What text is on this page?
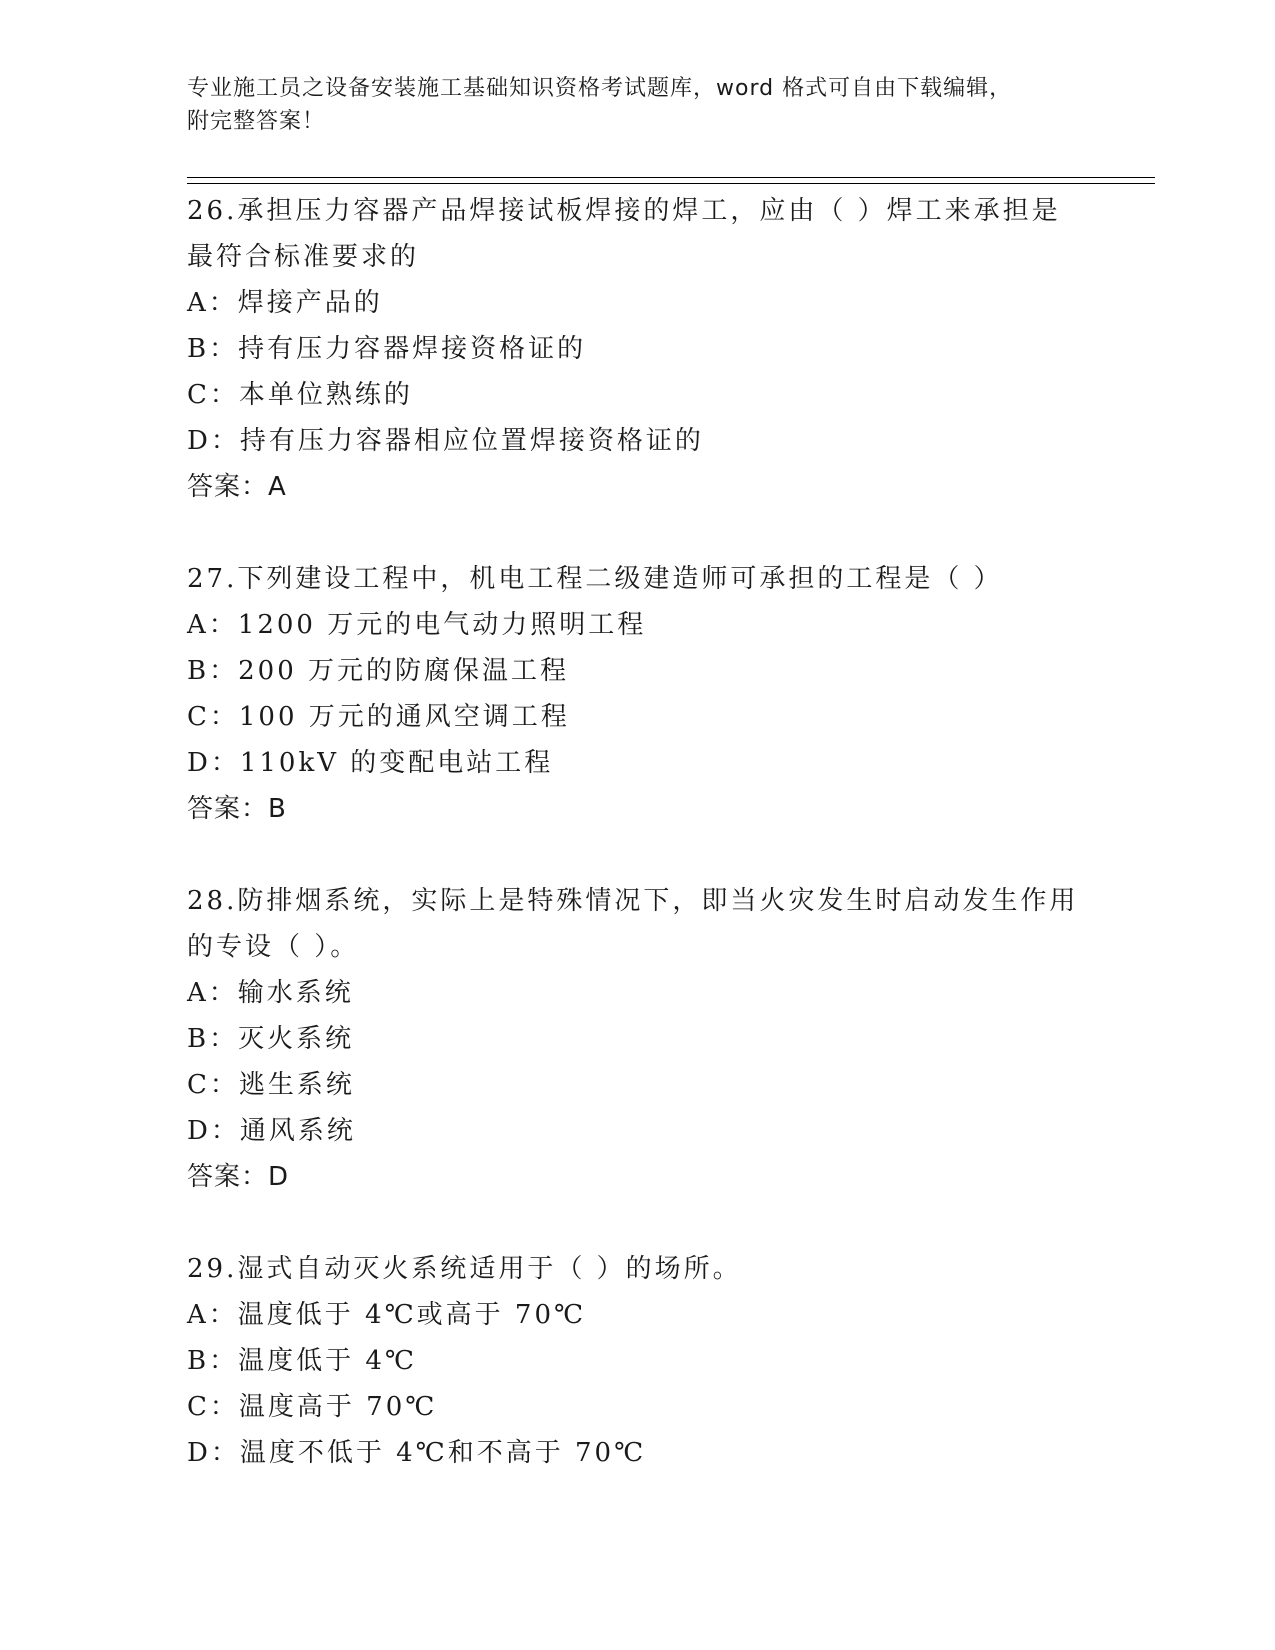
专业施工员之设备安装施工基础知识资格考试题库，word 格式可自由下载编辑，
附完整答案！
26.承担压力容器产品焊接试板焊接的焊工，应由（ ）焊工来承担是
最符合标准要求的
A：焊接产品的
B：持有压力容器焊接资格证的
C：本单位熟练的
D：持有压力容器相应位置焊接资格证的
答案：A
27.下列建设工程中，机电工程二级建造师可承担的工程是（ ）
A：1200 万元的电气动力照明工程
B：200 万元的防腐保温工程
C：100 万元的通风空调工程
D：110kV 的变配电站工程
答案：B
28.防排烟系统，实际上是特殊情况下，即当火灾发生时启动发生作用
的专设（ ）。
A：输水系统
B：灭火系统
C：逃生系统
D：通风系统
答案：D
29.湿式自动灭火系统适用于（ ）的场所。
A：温度低于 4℃或高于 70℃
B：温度低于 4℃
C：温度高于 70℃
D：温度不低于 4℃和不高于 70℃
